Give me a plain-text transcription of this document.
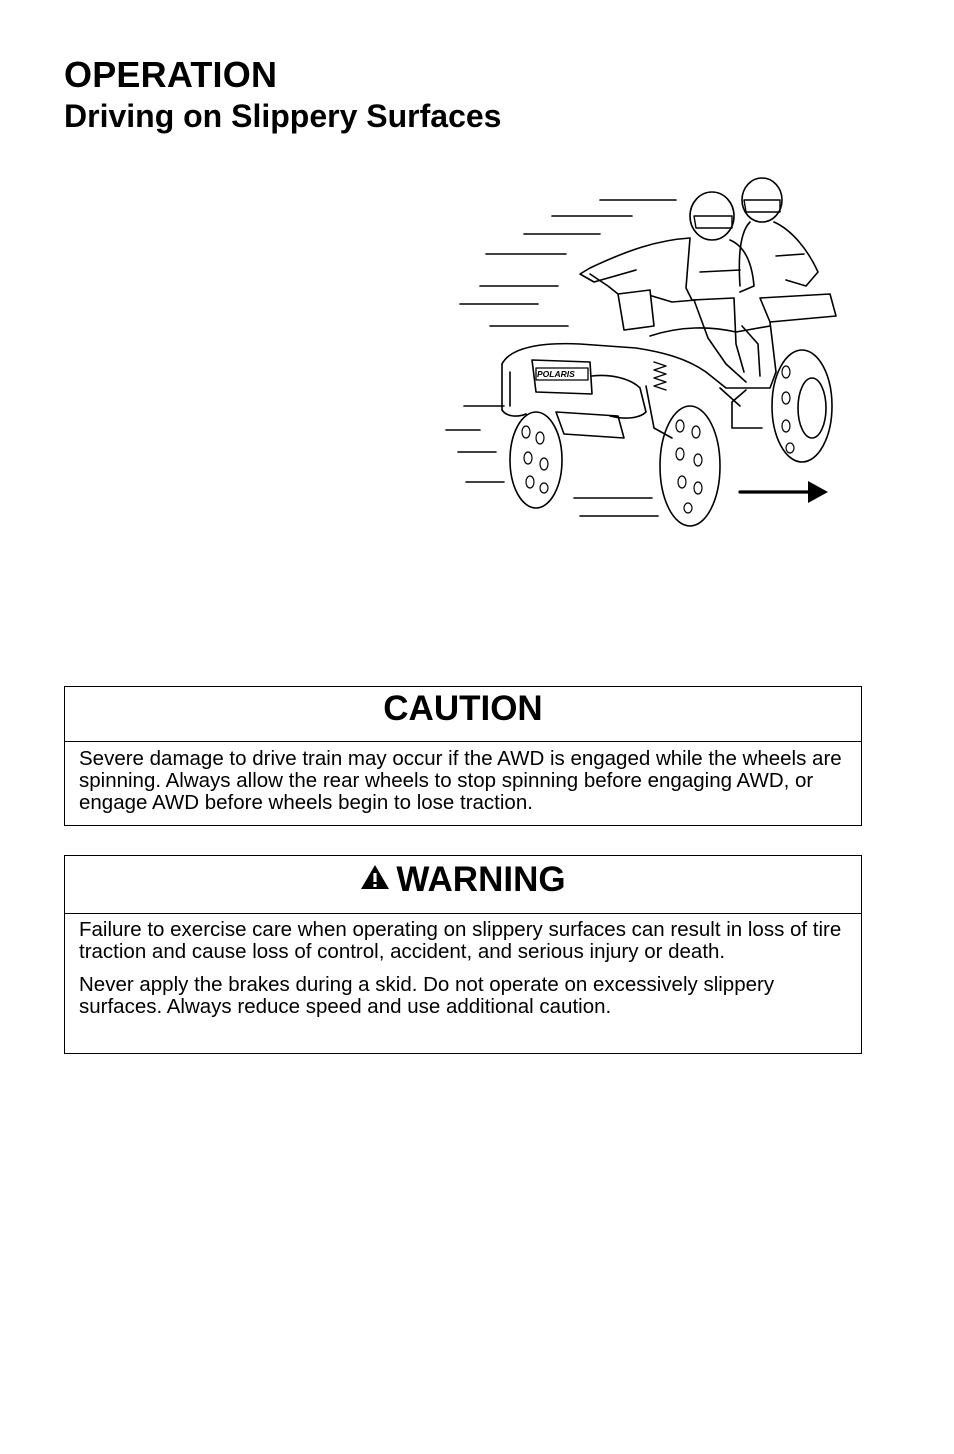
OPERATION
Driving on Slippery Surfaces
POLARIS
CAUTION

Severe damage to drive train may occur if the AWD is engaged while the wheels are spinning. Always allow the rear wheels to stop spinning before engaging AWD, or engage AWD before wheels begin to lose traction.

WARNING

Failure to exercise care when operating on slippery surfaces can result in loss of tire traction and cause loss of control, accident, and serious injury or death.

Never apply the brakes during a skid. Do not operate on excessively slippery surfaces. Always reduce speed and use additional caution.
